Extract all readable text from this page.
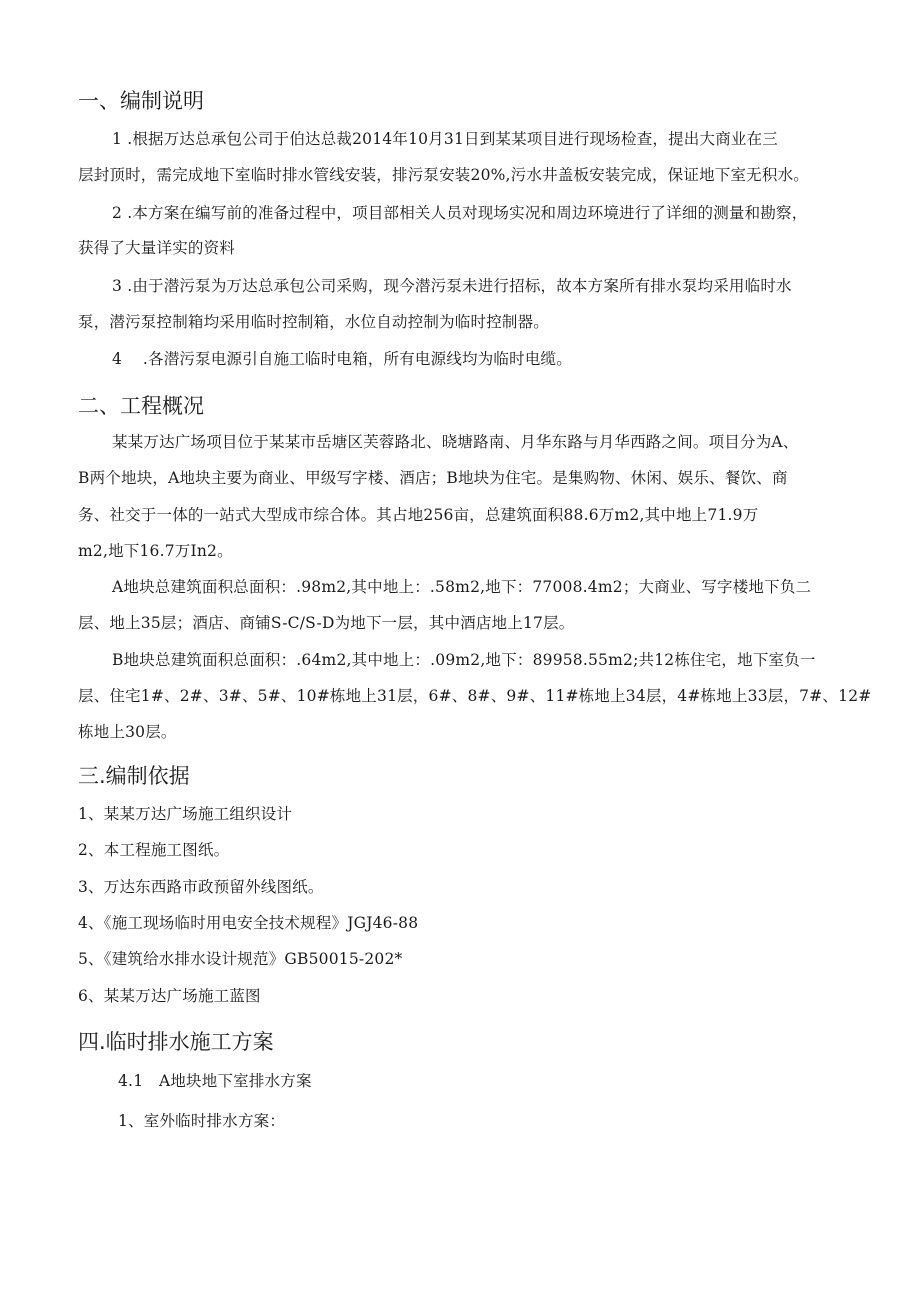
一、编制说明
1 .根据万达总承包公司于伯达总裁2014年10月31日到某某项目进行现场检查，提出大商业在三
层封顶时，需完成地下室临时排水管线安装，排污泵安装20%,污水井盖板安装完成，保证地下室无积水。
2 .本方案在编写前的准备过程中，项目部相关人员对现场实况和周边环境进行了详细的测量和勘察，
获得了大量详实的资料
3 .由于潜污泵为万达总承包公司采购，现今潜污泵未进行招标，故本方案所有排水泵均采用临时水
泵，潜污泵控制箱均采用临时控制箱，水位自动控制为临时控制器。
4　 .各潜污泵电源引自施工临时电箱，所有电源线均为临时电缆。
二、工程概况
某某万达广场项目位于某某市岳塘区芙蓉路北、晓塘路南、月华东路与月华西路之间。项目分为A、
B两个地块，A地块主要为商业、甲级写字楼、酒店；B地块为住宅。是集购物、休闲、娱乐、餐饮、商
务、社交于一体的一站式大型成市综合体。其占地256亩，总建筑面积88.6万m2,其中地上71.9万
m2,地下16.7万In2。
A地块总建筑面积总面积：.98m2,其中地上：.58m2,地下：77008.4m2；大商业、写字楼地下负二
层、地上35层；酒店、商铺S-C/S-D为地下一层，其中酒店地上17层。
B地块总建筑面积总面积：.64m2,其中地上：.09m2,地下：89958.55m2;共12栋住宅，地下室负一
层、住宅1#、2#、3#、5#、10#栋地上31层，6#、8#、9#、11#栋地上34层，4#栋地上33层，7#、12#
栋地上30层。
三.编制依据
1、某某万达广场施工组织设计
2、本工程施工图纸。
3、万达东西路市政预留外线图纸。
4、《施工现场临时用电安全技术规程》JGJ46-88
5、《建筑给水排水设计规范》GB50015-202*
6、某某万达广场施工蓝图
四.临时排水施工方案
4.1　A地块地下室排水方案
1、室外临时排水方案：
